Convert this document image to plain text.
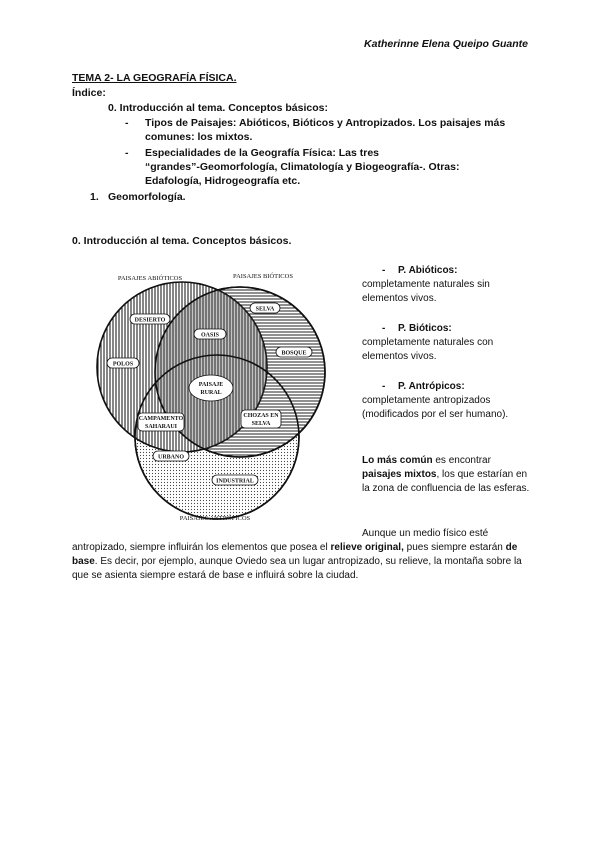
Katherinne Elena Queipo Guante
TEMA 2- LA GEOGRAFÍA FÍSICA.
Índice:
0. Introducción al tema. Conceptos básicos:
- Tipos de Paisajes: Abióticos, Bióticos y Antropizados. Los paisajes más
comunes: los mixtos.
- Especialidades de la Geografía Física: Las tres
“grandes”-Geomorfología, Climatología y Biogeografía-. Otras:
Edafología, Hidrogeografía etc.
1. Geomorfología.
0. Introducción al tema. Conceptos básicos.
PAISAJES ABIÓTICOS	PAISAJES BIÓTICOS
PAISAJES ANTRÓPICOS
DESIERTO
OASIS
SELVA
BOSQUE
POLOS
PAISAJE
RURAL
CAMPAMENTO
SAHARAUI
CHOZAS EN
SELVA
URBANO
INDUSTRIAL
- P. Abióticos:
completamente naturales sin elementos vivos.
- P. Bióticos:
completamente naturales con elementos vivos.
- P. Antrópicos:
completamente antropizados (modificados por el ser humano).
Lo más común es encontrar paisajes mixtos, los que estarían en la zona de confluencia de las esferas.
Aunque un medio físico esté
antropizado, siempre influirán los elementos que posea el relieve original, pues siempre estarán de base. Es decir, por ejemplo, aunque Oviedo sea un lugar antropizado, su relieve, la montaña sobre la que se asienta siempre estará de base e influirá sobre la ciudad.
